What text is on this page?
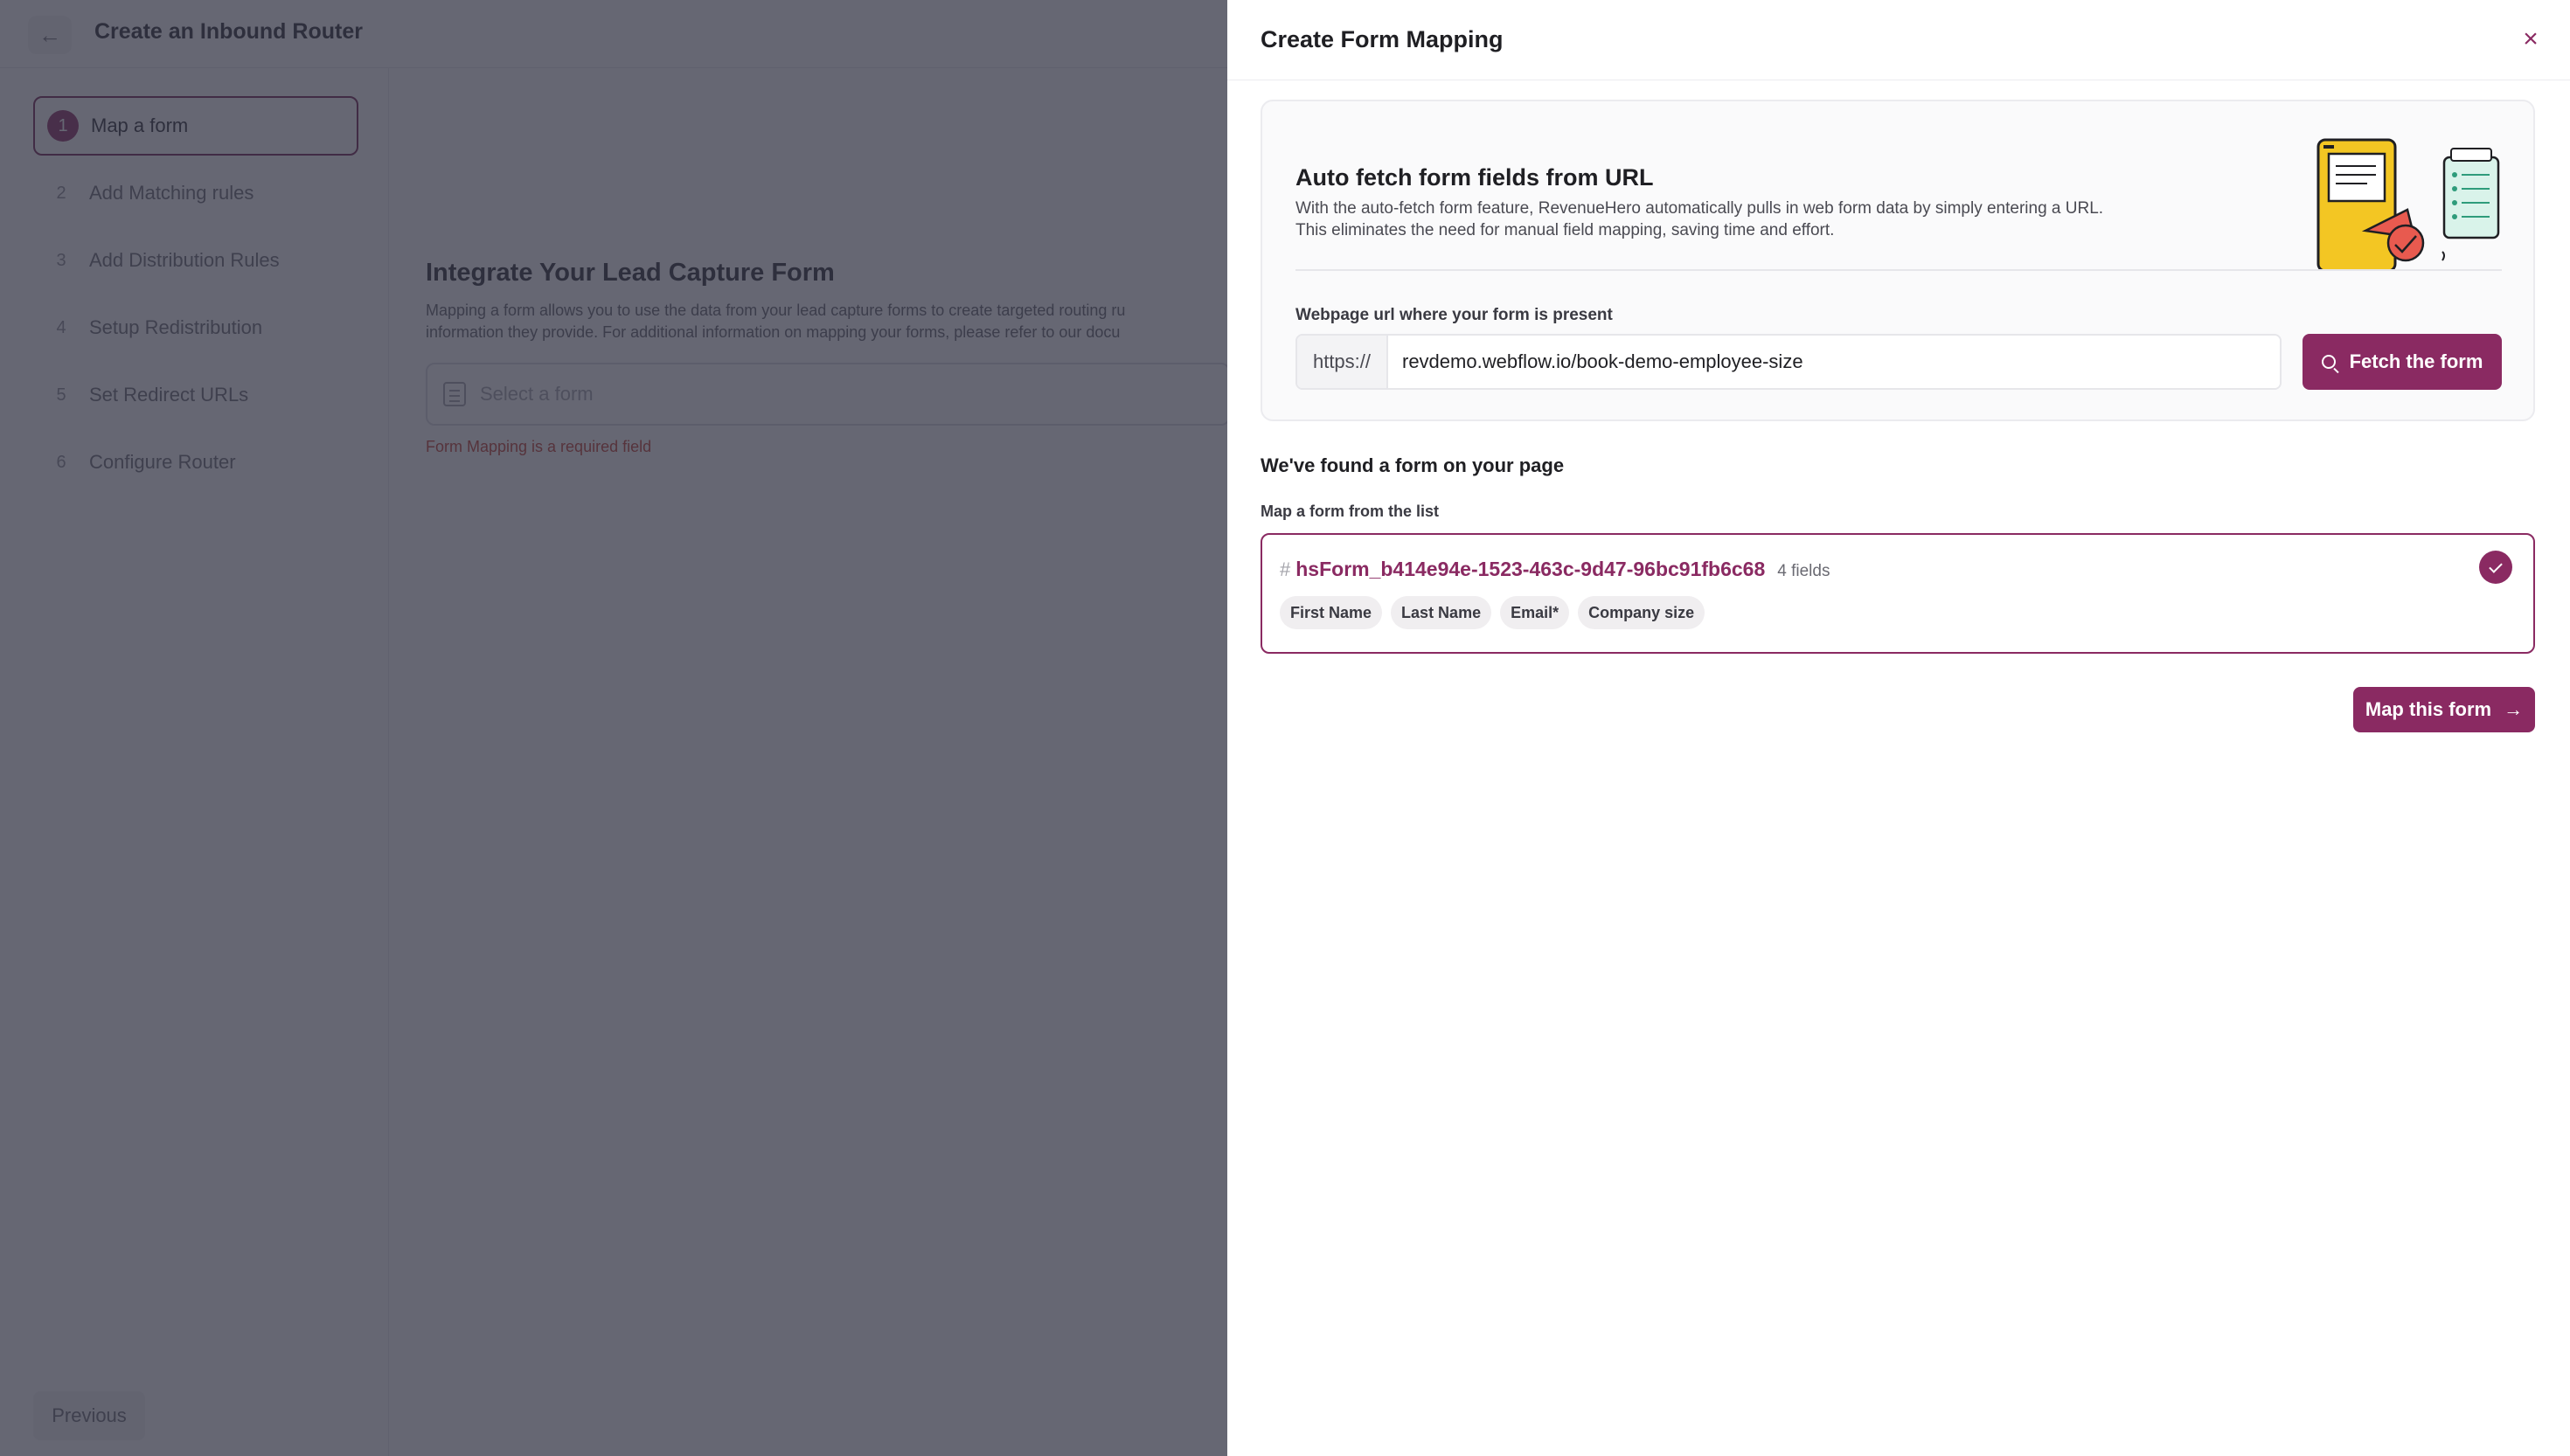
Create Form Mapping	×
Auto fetch form fields from URL
With the auto-fetch form feature, RevenueHero automatically pulls in web form data by simply entering a URL.
This eliminates the need for manual field mapping, saving time and effort.
Webpage url where your form is present
https://
revdemo.webflow.io/book-demo-employee-size	Fetch the form
We've found a form on your page
Map a form from the list
# hsForm_b414e94e-1523-463c-9d47-96bc91fb6c68 4 fields
First Name	Last Name	Email*	Company size
Map this form →
